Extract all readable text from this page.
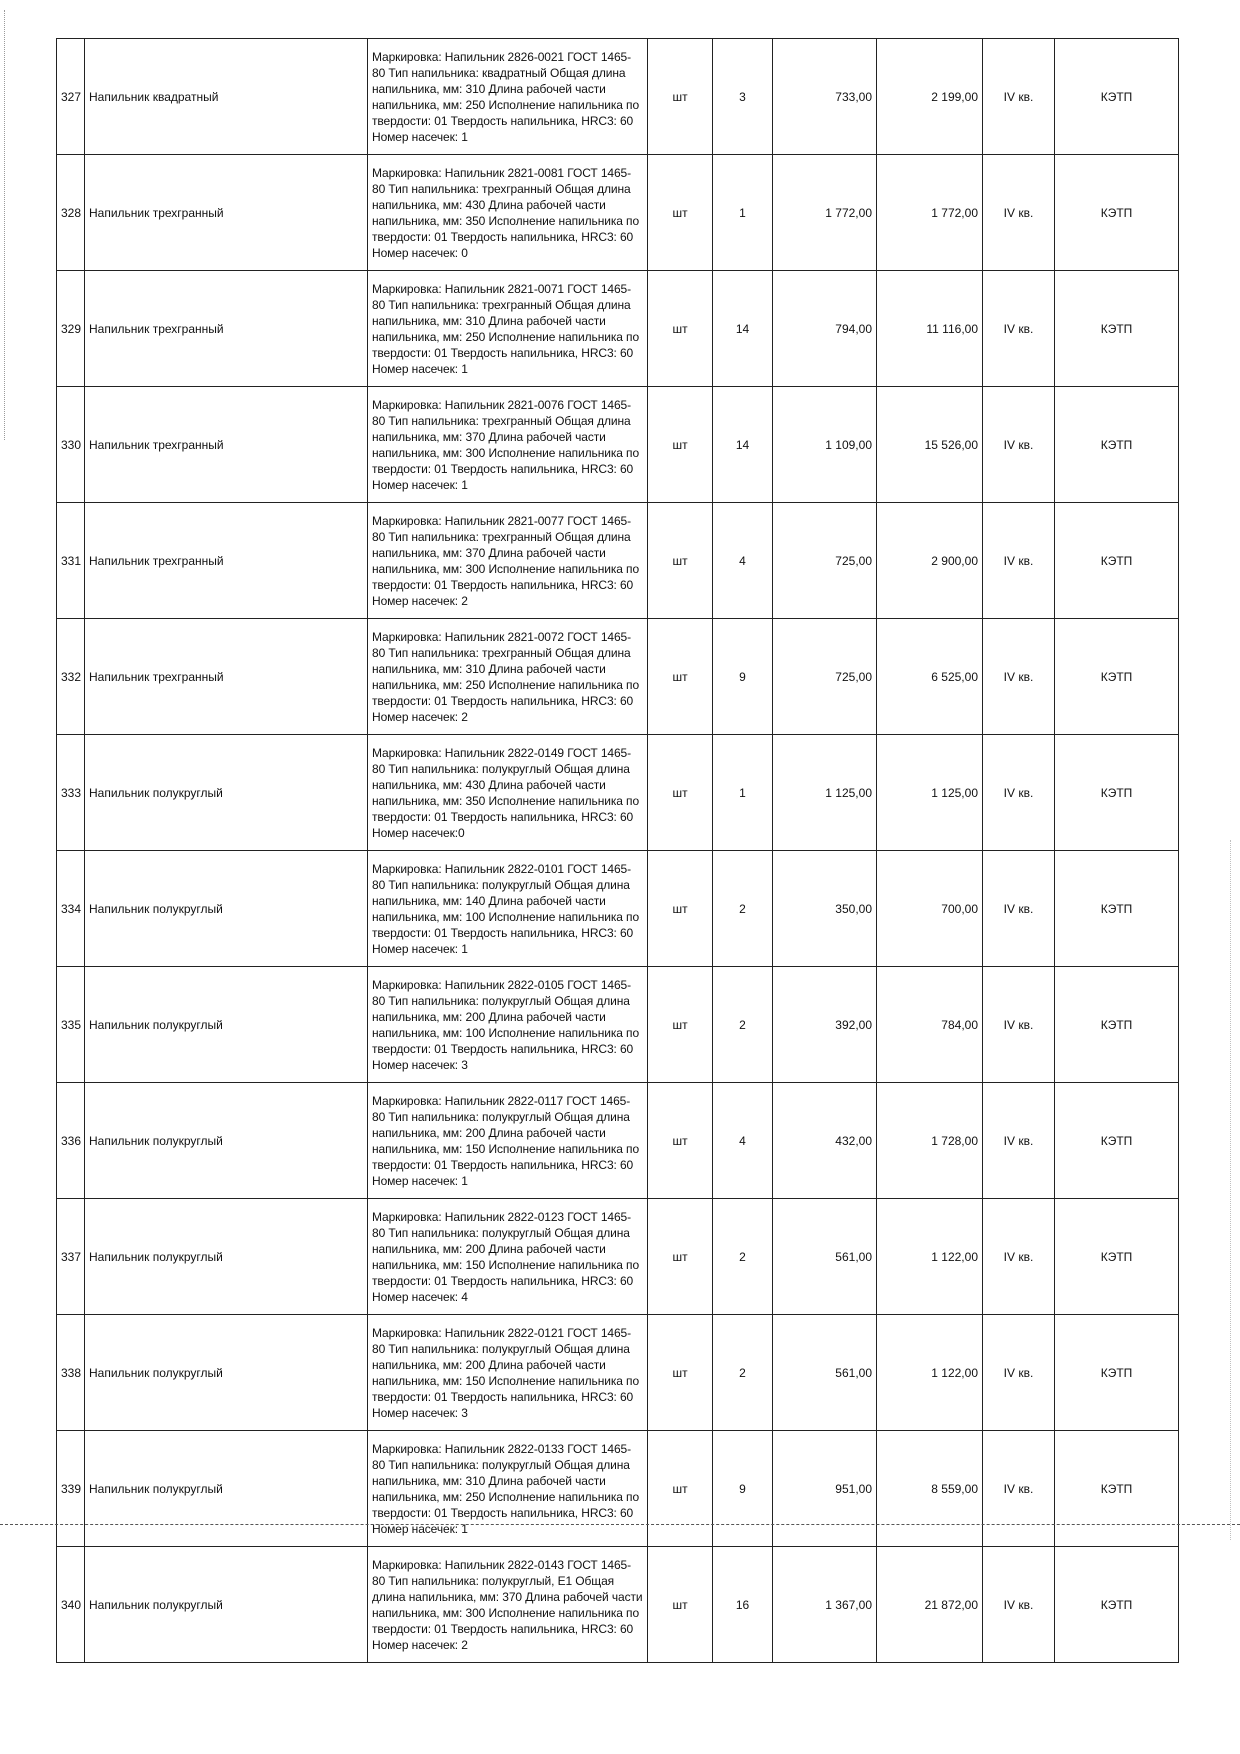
327	Напильник квадратный	Маркировка: Напильник 2826-0021 ГОСТ 1465-80 Тип напильника: квадратный Общая длина напильника, мм: 310 Длина рабочей части напильника, мм: 250 Исполнение напильника по твердости: 01 Твердость напильника, HRC3: 60 Номер насечек: 1	шт	3	733,00	2 199,00	IV кв.	КЭТП
328	Напильник трехгранный	Маркировка: Напильник 2821-0081 ГОСТ 1465-80 Тип напильника: трехгранный Общая длина напильника, мм: 430 Длина рабочей части напильника, мм: 350 Исполнение напильника по твердости: 01 Твердость напильника, HRC3: 60 Номер насечек: 0	шт	1	1 772,00	1 772,00	IV кв.	КЭТП
329	Напильник трехгранный	Маркировка: Напильник 2821-0071 ГОСТ 1465-80 Тип напильника: трехгранный Общая длина напильника, мм: 310 Длина рабочей части напильника, мм: 250 Исполнение напильника по твердости: 01 Твердость напильника, HRC3: 60 Номер насечек: 1	шт	14	794,00	11 116,00	IV кв.	КЭТП
330	Напильник трехгранный	Маркировка: Напильник 2821-0076 ГОСТ 1465-80 Тип напильника: трехгранный Общая длина напильника, мм: 370 Длина рабочей части напильника, мм: 300 Исполнение напильника по твердости: 01 Твердость напильника, HRC3: 60 Номер насечек: 1	шт	14	1 109,00	15 526,00	IV кв.	КЭТП
331	Напильник трехгранный	Маркировка: Напильник 2821-0077 ГОСТ 1465-80 Тип напильника: трехгранный Общая длина напильника, мм: 370 Длина рабочей части напильника, мм: 300 Исполнение напильника по твердости: 01 Твердость напильника, HRC3: 60 Номер насечек: 2	шт	4	725,00	2 900,00	IV кв.	КЭТП
332	Напильник трехгранный	Маркировка: Напильник 2821-0072 ГОСТ 1465-80 Тип напильника: трехгранный Общая длина напильника, мм: 310 Длина рабочей части напильника, мм: 250 Исполнение напильника по твердости: 01 Твердость напильника, HRC3: 60 Номер насечек: 2	шт	9	725,00	6 525,00	IV кв.	КЭТП
333	Напильник полукруглый	Маркировка: Напильник 2822-0149 ГОСТ 1465-80 Тип напильника: полукруглый Общая длина напильника, мм: 430 Длина рабочей части напильника, мм: 350 Исполнение напильника по твердости: 01 Твердость напильника, HRC3: 60 Номер насечек:0	шт	1	1 125,00	1 125,00	IV кв.	КЭТП
334	Напильник полукруглый	Маркировка: Напильник 2822-0101 ГОСТ 1465-80 Тип напильника: полукруглый Общая длина напильника, мм: 140 Длина рабочей части напильника, мм: 100 Исполнение напильника по твердости: 01 Твердость напильника, HRC3: 60 Номер насечек: 1	шт	2	350,00	700,00	IV кв.	КЭТП
335	Напильник полукруглый	Маркировка: Напильник 2822-0105 ГОСТ 1465-80 Тип напильника: полукруглый Общая длина напильника, мм: 200 Длина рабочей части напильника, мм: 100 Исполнение напильника по твердости: 01 Твердость напильника, HRC3: 60 Номер насечек: 3	шт	2	392,00	784,00	IV кв.	КЭТП
336	Напильник полукруглый	Маркировка: Напильник 2822-0117 ГОСТ 1465-80 Тип напильника: полукруглый Общая длина напильника, мм: 200 Длина рабочей части напильника, мм: 150 Исполнение напильника по твердости: 01 Твердость напильника, HRC3: 60 Номер насечек: 1	шт	4	432,00	1 728,00	IV кв.	КЭТП
337	Напильник полукруглый	Маркировка: Напильник 2822-0123 ГОСТ 1465-80 Тип напильника: полукруглый Общая длина напильника, мм: 200 Длина рабочей части напильника, мм: 150 Исполнение напильника по твердости: 01 Твердость напильника, HRC3: 60 Номер насечек: 4	шт	2	561,00	1 122,00	IV кв.	КЭТП
338	Напильник полукруглый	Маркировка: Напильник 2822-0121 ГОСТ 1465-80 Тип напильника: полукруглый Общая длина напильника, мм: 200 Длина рабочей части напильника, мм: 150 Исполнение напильника по твердости: 01 Твердость напильника, HRC3: 60 Номер насечек: 3	шт	2	561,00	1 122,00	IV кв.	КЭТП
339	Напильник полукруглый	Маркировка: Напильник 2822-0133 ГОСТ 1465-80 Тип напильника: полукруглый Общая длина напильника, мм: 310 Длина рабочей части напильника, мм: 250 Исполнение напильника по твердости: 01 Твердость напильника, HRC3: 60 Номер насечек: 1	шт	9	951,00	8 559,00	IV кв.	КЭТП
340	Напильник полукруглый	Маркировка: Напильник 2822-0143 ГОСТ 1465-80 Тип напильника: полукруглый, Е1 Общая длина напильника, мм: 370 Длина рабочей части напильника, мм: 300 Исполнение напильника по твердости: 01 Твердость напильника, HRC3: 60 Номер насечек: 2	шт	16	1 367,00	21 872,00	IV кв.	КЭТП
